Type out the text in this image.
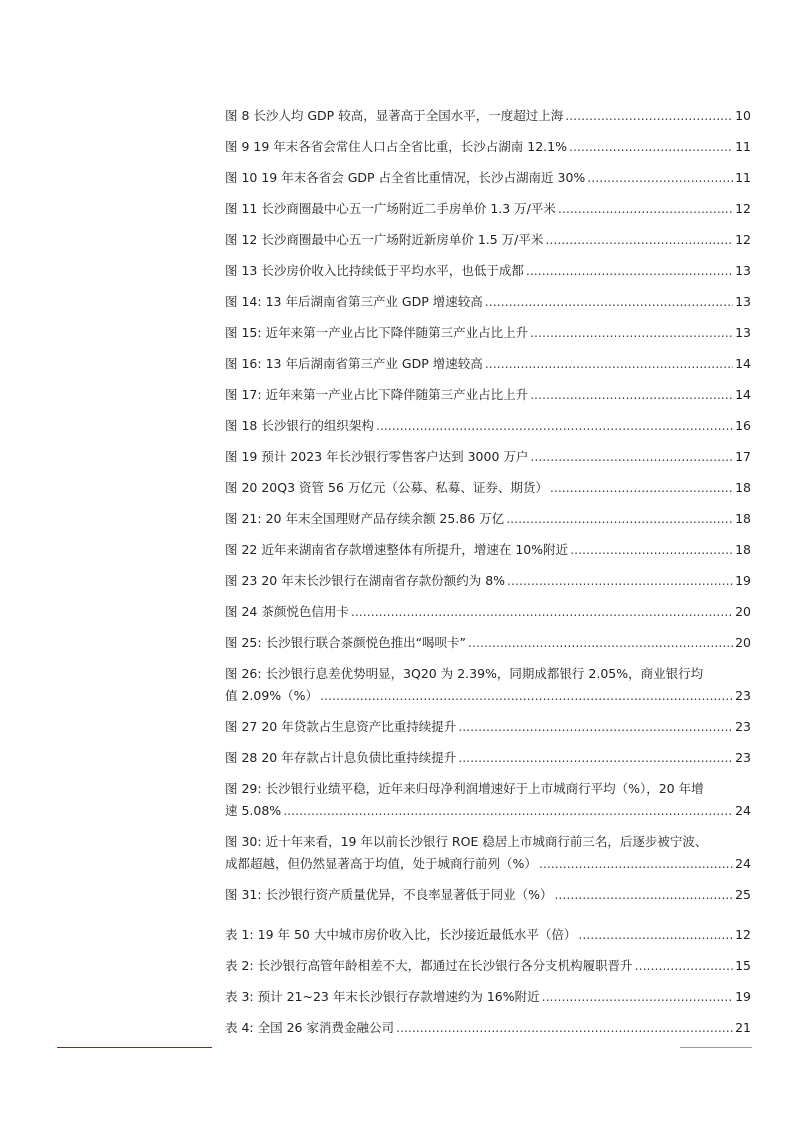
图 8 长沙人均 GDP 较高，显著高于全国水平，一度超过上海 .....	10
图 9 19 年末各省会常住人口占全省比重，长沙占湖南 12.1% .....	11
图 10 19 年末各省会 GDP 占全省比重情况，长沙占湖南近 30% .....	11
图 11 长沙商圈最中心五一广场附近二手房单价 1.3 万/平米 .....	12
图 12 长沙商圈最中心五一广场附近新房单价 1.5 万/平米 .....	12
图 13 长沙房价收入比持续低于平均水平，也低于成都 .....	13
图 14: 13 年后湖南省第三产业 GDP 增速较高 .....	13
图 15: 近年来第一产业占比下降伴随第三产业占比上升 .....	13
图 16: 13 年后湖南省第三产业 GDP 增速较高 .....	14
图 17: 近年来第一产业占比下降伴随第三产业占比上升 .....	14
图 18 长沙银行的组织架构 .....	16
图 19 预计 2023 年长沙银行零售客户达到 3000 万户 .....	17
图 20 20Q3 资管 56 万亿元（公募、私募、证券、期货） .....	18
图 21: 20 年末全国理财产品存续余额 25.86 万亿 .....	18
图 22 近年来湖南省存款增速整体有所提升，增速在 10%附近 .....	18
图 23 20 年末长沙银行在湖南省存款份额约为 8% .....	19
图 24 茶颜悦色信用卡 .....	20
图 25: 长沙银行联合茶颜悦色推出“喝呗卡” .....	20
图 26: 长沙银行息差优势明显，3Q20 为 2.39%，同期成都银行 2.05%，商业银行均
值 2.09%（%） .....	23
图 27 20 年贷款占生息资产比重持续提升 .....	23
图 28 20 年存款占计息负债比重持续提升 .....	23
图 29: 长沙银行业绩平稳，近年来归母净利润增速好于上市城商行平均（%），20 年增
速 5.08% .....	24
图 30: 近十年来看，19 年以前长沙银行 ROE 稳居上市城商行前三名，后逐步被宁波、
成都超越，但仍然显著高于均值，处于城商行前列（%） .....	24
图 31: 长沙银行资产质量优异，不良率显著低于同业（%） .....	25
表 1: 19 年 50 大中城市房价收入比，长沙接近最低水平（倍） .....	12
表 2: 长沙银行高管年龄相差不大，都通过在长沙银行各分支机构履职晋升 .....	15
表 3: 预计 21~23 年末长沙银行存款增速约为 16%附近 .....	19
表 4: 全国 26 家消费金融公司 .....	21
